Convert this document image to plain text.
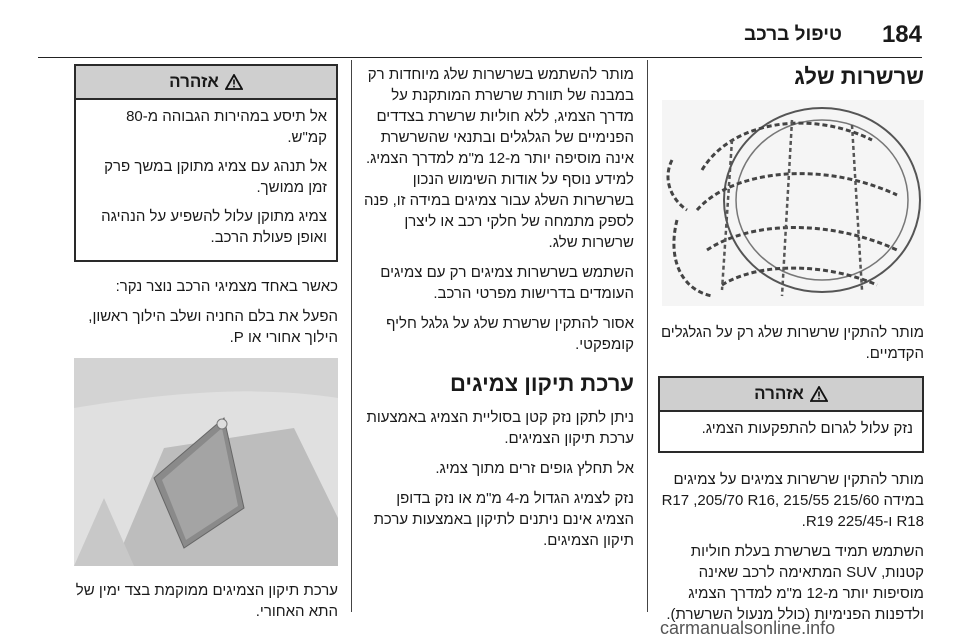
184
טיפול ברכב
שרשרות שלג

מותר להתקין שרשרות שלג רק על הגלגלים הקדמיים.

אזהרה

נזק עלול לגרום להתפקעות הצמיג.

מותר להתקין שרשרות צמיגים על צמיגים במידה 215/60 R17 ,205/70 R16, 215/55 R18 ו-225/45 R19.

השתמש תמיד בשרשרת בעלת חוליות קטנות, SUV המתאימה לרכב שאינה מוסיפות יותר מ-12 מ"מ למדרך הצמיג ולדפנות הפנימיות (כולל מנעול השרשרת).

מותר להשתמש בשרשרות שלג מיוחדות רק במבנה של תוורת שרשרת המותקנת על מדרך הצמיג, ללא חוליות שרשרת בצדדים הפנימיים של הגלגלים ובתנאי שהשרשרת אינה מוסיפה יותר מ-12 מ"מ למדרך הצמיג. למידע נוסף על אודות השימוש הנכון בשרשרות השלג עבור צמיגים במידה זו, פנה לספק מתמחה של חלקי רכב או ליצרן שרשרות שלג.

השתמש בשרשרות צמיגים רק עם צמיגים העומדים בדרישות מפרטי הרכב.

אסור להתקין שרשרת שלג על גלגל חליף קומפקטי.

ערכת תיקון צמיגים

ניתן לתקן נזק קטן בסוליית הצמיג באמצעות ערכת תיקון הצמיגים.

אל תחלץ גופים זרים מתוך צמיג.

נזק לצמיג הגדול מ-4 מ"מ או נזק בדופן הצמיג אינם ניתנים לתיקון באמצעות ערכת תיקון הצמיגים.

אזהרה

אל תיסע במהירות הגבוהה מ-80 קמ"ש.

אל תנהג עם צמיג מתוקן במשך פרק זמן ממושך.

צמיג מתוקן עלול להשפיע על הנהיגה ואופן פעולת הרכב.

כאשר באחד מצמיגי הרכב נוצר נקר:

הפעל את בלם החניה ושלב הילוך ראשון, הילוך אחורי או P.

ערכת תיקון הצמיגים ממוקמת בצד ימין של התא האחורי.

carmanualsonline.info
